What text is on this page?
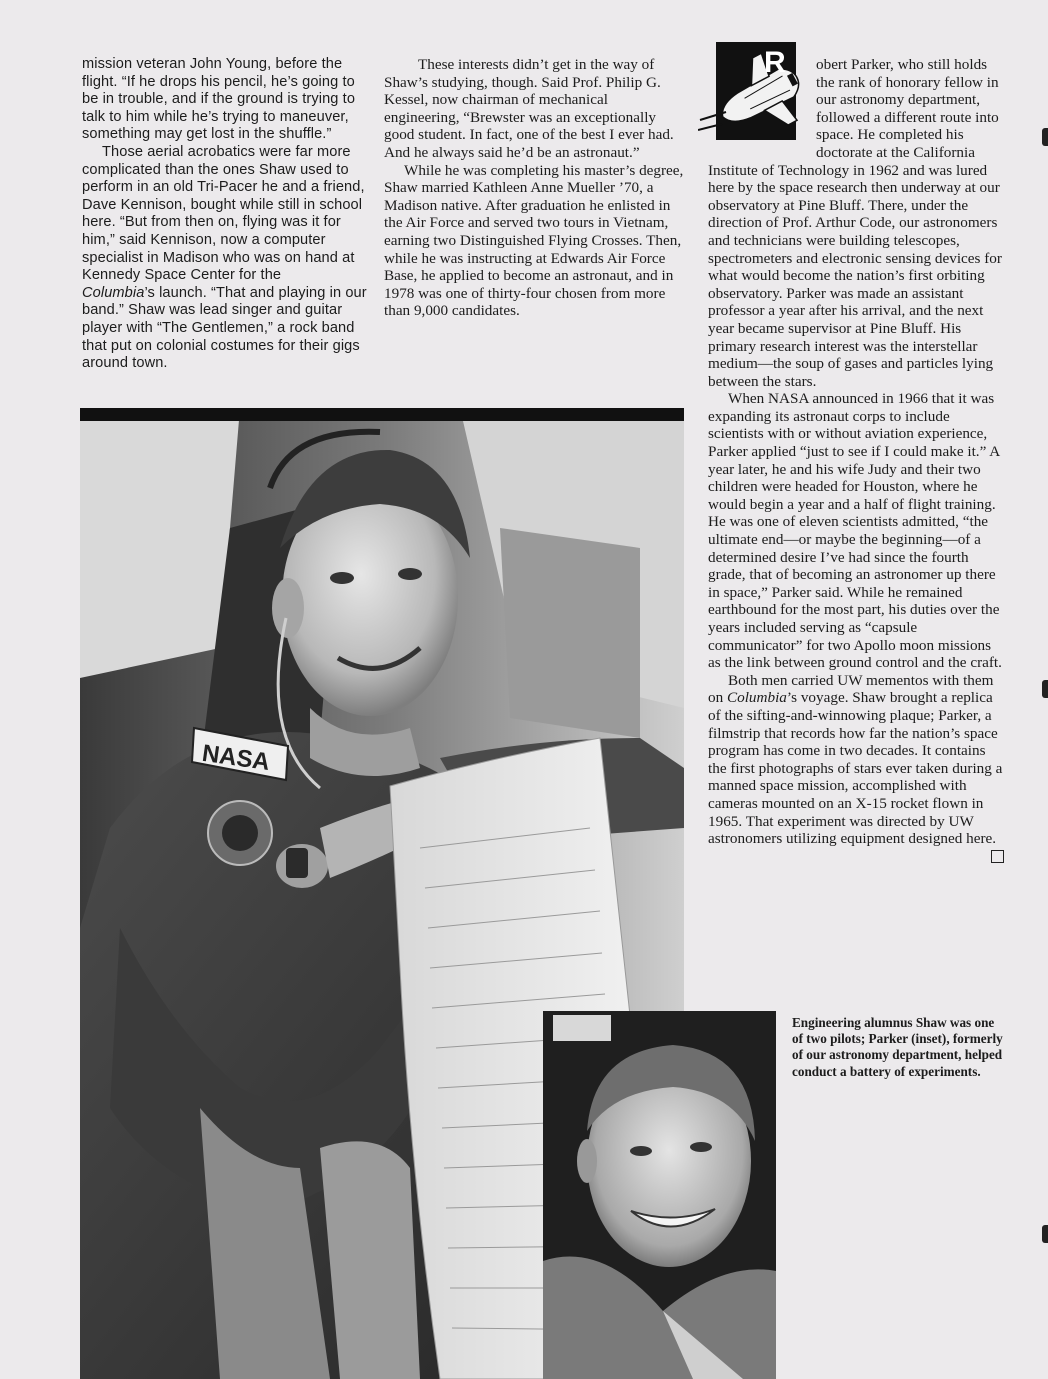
mission veteran John Young, before the flight. “If he drops his pencil, he’s going to be in trouble, and if the ground is trying to talk to him while he’s trying to maneuver, something may get lost in the shuffle.”

Those aerial acrobatics were far more complicated than the ones Shaw used to perform in an old Tri-Pacer he and a friend, Dave Kennison, bought while still in school here. “But from then on, flying was it for him,” said Kennison, now a computer specialist in Madison who was on hand at Kennedy Space Center for the

Columbia’s launch. “That and playing in our band.” Shaw was lead singer and guitar player with “The Gentlemen,” a rock band that put on colonial costumes for their gigs around town.

These interests didn’t get in the way of Shaw’s studying, though. Said Prof. Philip G. Kessel, now chairman of mechanical engineering, “Brewster was an exceptionally good student. In fact, one of the best I ever had. And he always said he’d be an astronaut.”

While he was completing his master’s degree, Shaw married Kathleen Anne Mueller ’70, a Madison native. After graduation he enlisted in the Air Force and served two tours in Vietnam, earning two Distinguished Flying Crosses. Then, while he was instructing at Edwards Air Force Base, he applied to become an astronaut, and in 1978 was one of thirty-four chosen from more than 9,000 candidates.

R obert Parker, who still holds the rank of honorary fellow in our astronomy department, followed a different route into space. He completed his doctorate at the California Institute of Technology in 1962 and was lured here by the space research then underway at our observatory at Pine Bluff. There, under the direction of Prof. Arthur Code, our astronomers and technicians were building telescopes, spectrometers and electronic sensing devices for what would become the nation’s first orbiting observatory. Parker was made an assistant professor a year after his arrival, and the next year became supervisor at Pine Bluff. His primary research interest was the interstellar medium—the soup of gases and particles lying between the stars.

When NASA announced in 1966 that it was expanding its astronaut corps to include scientists with or without aviation experience, Parker applied “just to see if I could make it.” A year later, he and his wife Judy and their two children were headed for Houston, where he would begin a year and a half of flight training. He was one of eleven scientists admitted, “the ultimate end—or maybe the beginning—of a determined desire I’ve had since the fourth grade, that of becoming an astronomer up there in space,” Parker said. While he remained earthbound for the most part, his duties over the years included serving as “capsule communicator” for two Apollo moon missions as the link between ground control and the craft.

Both men carried UW mementos with them on Columbia’s voyage. Shaw brought a replica of the sifting-and-winnowing plaque; Parker, a filmstrip that records how far the nation’s space program has come in two decades. It contains the first photographs of stars ever taken during a manned space mission, accomplished with cameras mounted on an X-15 rocket flown in 1965. That experiment was directed by UW astronomers utilizing equipment designed here.

NASA

Engineering alumnus Shaw was one of two pilots; Parker (inset), formerly of our astronomy department, helped conduct a battery of experiments.
